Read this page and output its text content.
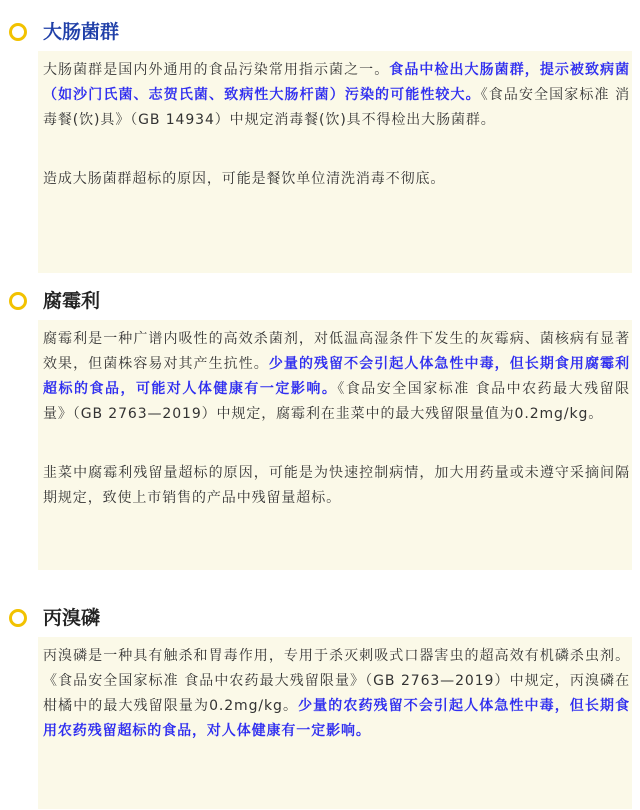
大肠菌群

大肠菌群是国内外通用的食品污染常用指示菌之一。食品中检出大肠菌群，提示被致病菌（如沙门氏菌、志贺氏菌、致病性大肠杆菌）污染的可能性较大。《食品安全国家标准 消毒餐(饮)具》（GB 14934）中规定消毒餐(饮)具不得检出大肠菌群。

造成大肠菌群超标的原因，可能是餐饮单位清洗消毒不彻底。

腐霉利

腐霉利是一种广谱内吸性的高效杀菌剂，对低温高湿条件下发生的灰霉病、菌核病有显著效果，但菌株容易对其产生抗性。少量的残留不会引起人体急性中毒，但长期食用腐霉利超标的食品，可能对人体健康有一定影响。《食品安全国家标准 食品中农药最大残留限量》（GB 2763—2019）中规定，腐霉利在韭菜中的最大残留限量值为0.2mg/kg。

韭菜中腐霉利残留量超标的原因，可能是为快速控制病情，加大用药量或未遵守采摘间隔期规定，致使上市销售的产品中残留量超标。

丙溴磷

丙溴磷是一种具有触杀和胃毒作用，专用于杀灭刺吸式口器害虫的超高效有机磷杀虫剂。《食品安全国家标准 食品中农药最大残留限量》（GB 2763—2019）中规定，丙溴磷在柑橘中的最大残留限量为0.2mg/kg。少量的农药残留不会引起人体急性中毒，但长期食用农药残留超标的食品，对人体健康有一定影响。
